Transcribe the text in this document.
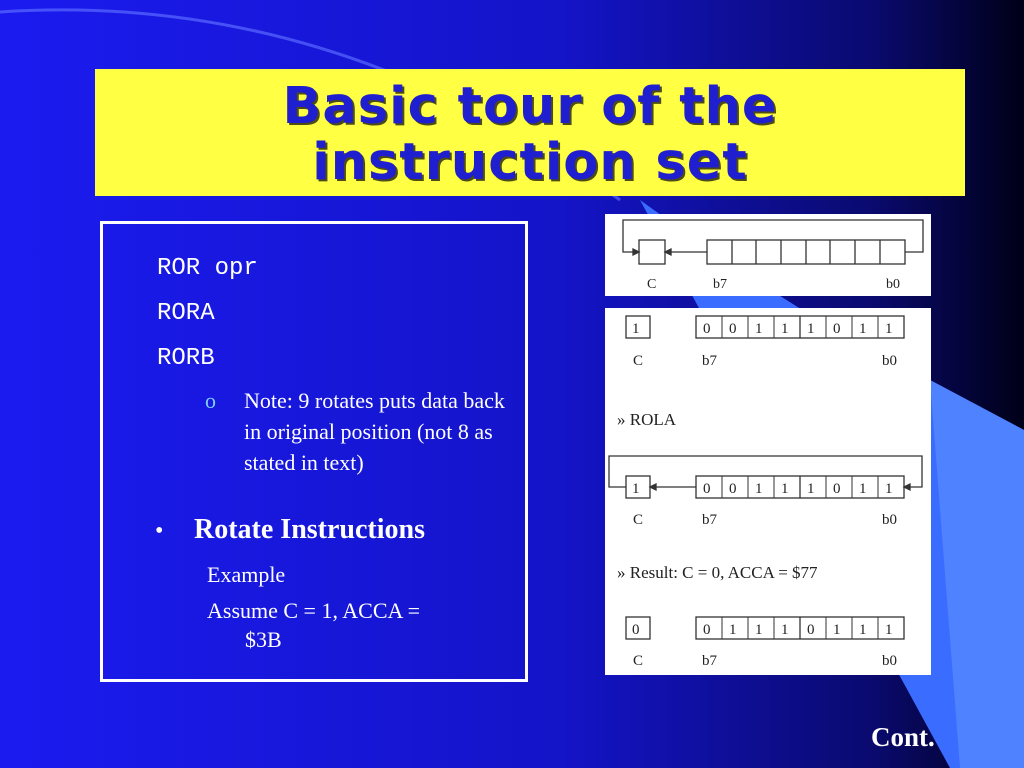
Basic tour of the
instruction set
ROR opr
RORA
RORB
o Note: 9 rotates puts data back in original position (not 8 as stated in text)
• Rotate Instructions
Example
Assume C = 1, ACCA =
$3B
C	b7	b0
1	0 0 1 1 1 0 1 1
C	b7	b0
» ROLA
1	0 0 1 1 1 0 1 1
C	b7	b0
» Result: C = 0, ACCA = $77
0	0 1 1 1 0 1 1 1
C	b7	b0
Cont.
